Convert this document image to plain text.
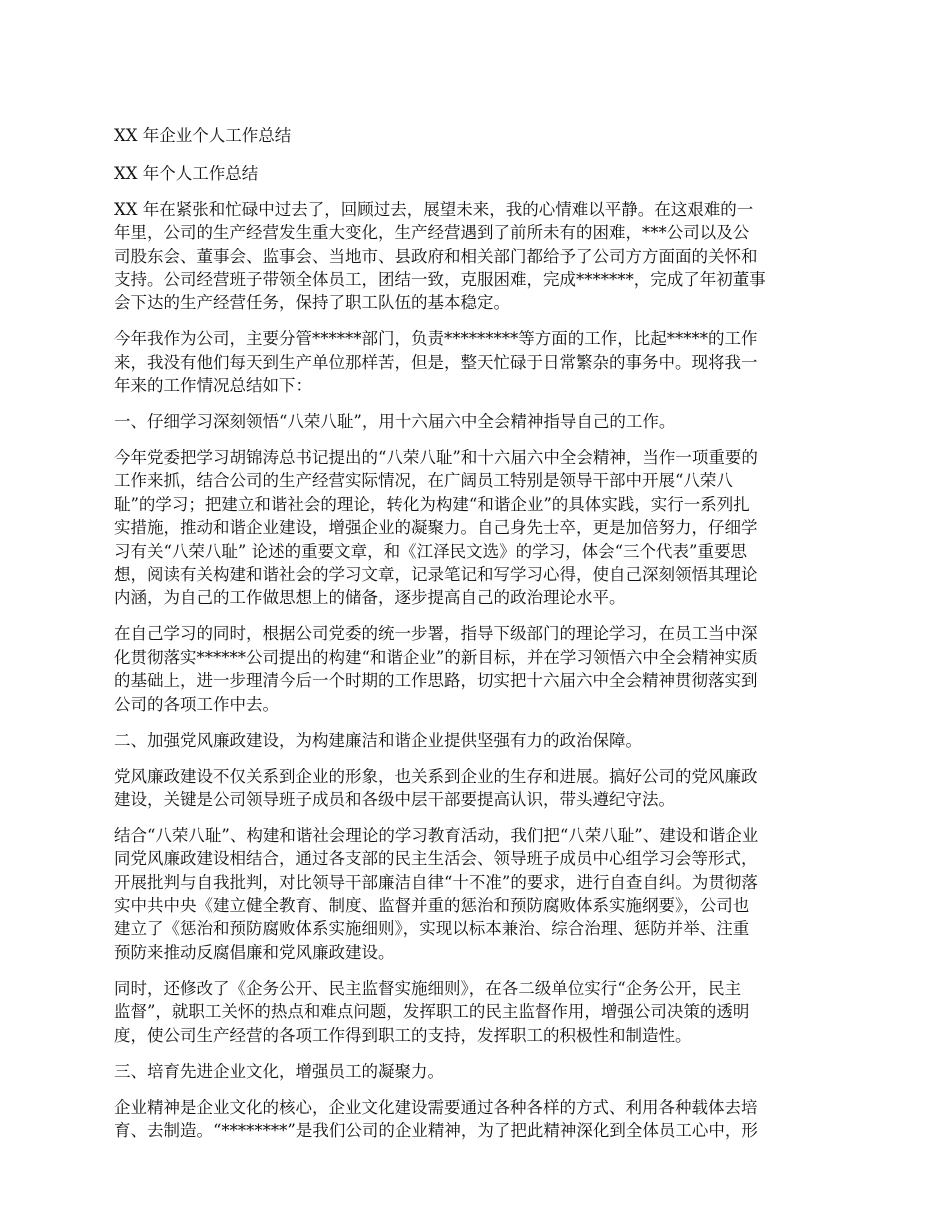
XX 年企业个人工作总结
XX 年个人工作总结
XX 年在紧张和忙碌中过去了，回顾过去，展望未来，我的心情难以平静。在这艰难的一
年里，公司的生产经营发生重大变化，生产经营遇到了前所未有的困难，***公司以及公
司股东会、董事会、监事会、当地市、县政府和相关部门都给予了公司方方面面的关怀和
支持。公司经营班子带领全体员工，团结一致，克服困难，完成*******，完成了年初董事
会下达的生产经营任务，保持了职工队伍的基本稳定。
今年我作为公司，主要分管******部门，负责*********等方面的工作，比起*****的工作
来，我没有他们每天到生产单位那样苦，但是，整天忙碌于日常繁杂的事务中。现将我一
年来的工作情况总结如下：
一、仔细学习深刻领悟“八荣八耻”，用十六届六中全会精神指导自己的工作。
今年党委把学习胡锦涛总书记提出的“八荣八耻”和十六届六中全会精神，当作一项重要的
工作来抓，结合公司的生产经营实际情况，在广阔员工特别是领导干部中开展“八荣八
耻”的学习；把建立和谐社会的理论，转化为构建“和谐企业”的具体实践，实行一系列扎
实措施，推动和谐企业建设，增强企业的凝聚力。自己身先士卒，更是加倍努力，仔细学
习有关“八荣八耻” 论述的重要文章，和《江泽民文选》的学习，体会“三个代表”重要思
想，阅读有关构建和谐社会的学习文章，记录笔记和写学习心得，使自己深刻领悟其理论
内涵，为自己的工作做思想上的储备，逐步提高自己的政治理论水平。
在自己学习的同时，根据公司党委的统一步署，指导下级部门的理论学习，在员工当中深
化贯彻落实******公司提出的构建“和谐企业”的新目标，并在学习领悟六中全会精神实质
的基础上，进一步理清今后一个时期的工作思路，切实把十六届六中全会精神贯彻落实到
公司的各项工作中去。
二、加强党风廉政建设，为构建廉洁和谐企业提供坚强有力的政治保障。
党风廉政建设不仅关系到企业的形象，也关系到企业的生存和进展。搞好公司的党风廉政
建设，关键是公司领导班子成员和各级中层干部要提高认识，带头遵纪守法。
结合“八荣八耻”、构建和谐社会理论的学习教育活动，我们把“八荣八耻”、建设和谐企业
同党风廉政建设相结合，通过各支部的民主生活会、领导班子成员中心组学习会等形式，
开展批判与自我批判，对比领导干部廉洁自律“十不准”的要求，进行自查自纠。为贯彻落
实中共中央《建立健全教育、制度、监督并重的惩治和预防腐败体系实施纲要》，公司也
建立了《惩治和预防腐败体系实施细则》，实现以标本兼治、综合治理、惩防并举、注重
预防来推动反腐倡廉和党风廉政建设。
同时，还修改了《企务公开、民主监督实施细则》，在各二级单位实行“企务公开，民主
监督”，就职工关怀的热点和难点问题，发挥职工的民主监督作用，增强公司决策的透明
度，使公司生产经营的各项工作得到职工的支持，发挥职工的积极性和制造性。
三、培育先进企业文化，增强员工的凝聚力。
企业精神是企业文化的核心，企业文化建设需要通过各种各样的方式、利用各种载体去培
育、去制造。“********”是我们公司的企业精神，为了把此精神深化到全体员工心中，形
